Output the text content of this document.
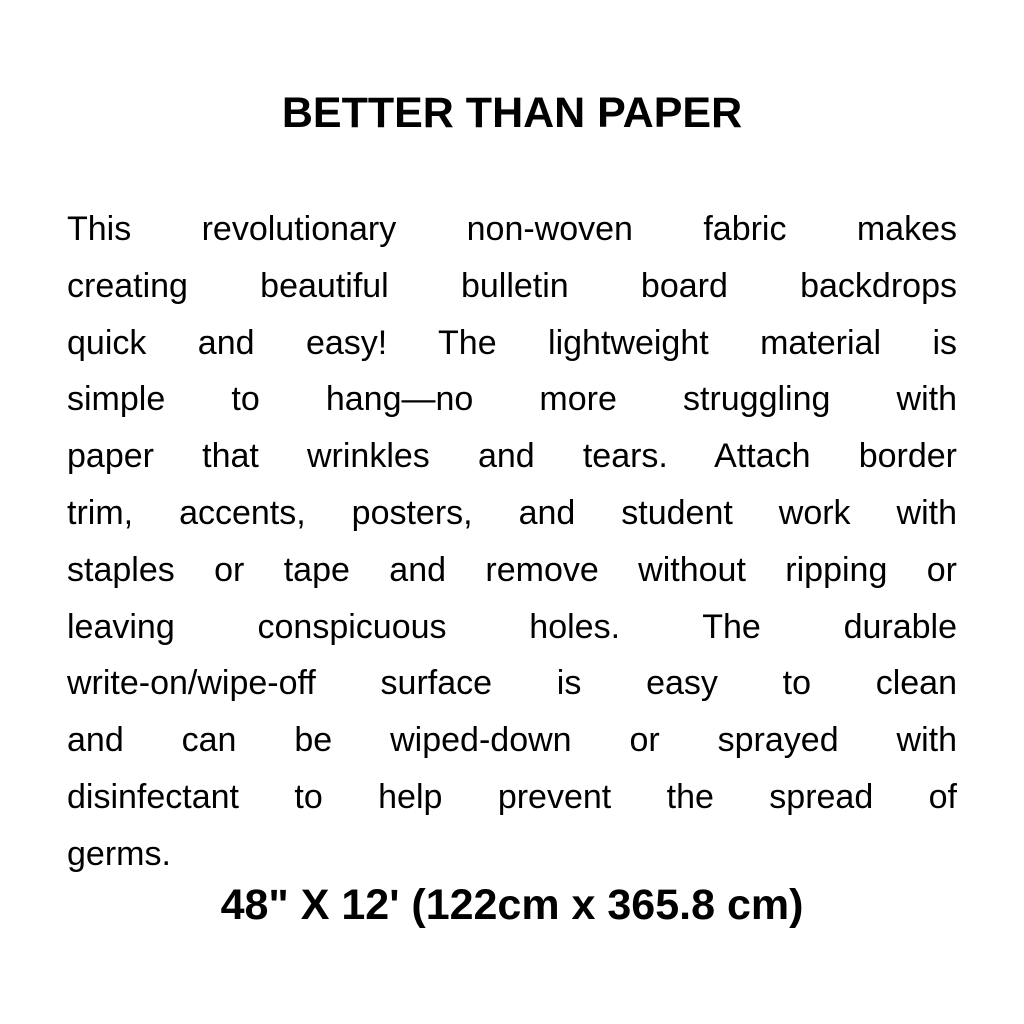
BETTER THAN PAPER
This revolutionary non-woven fabric makes
creating beautiful bulletin board backdrops
quick and easy! The lightweight material is
simple to hang—no more struggling with
paper that wrinkles and tears. Attach border
trim, accents, posters, and student work with
staples or tape and remove without ripping or
leaving conspicuous holes. The durable
write-on/wipe-off surface is easy to clean
and can be wiped-down or sprayed with
disinfectant to help prevent the spread of
germs.
48" X 12' (122cm x 365.8 cm)
